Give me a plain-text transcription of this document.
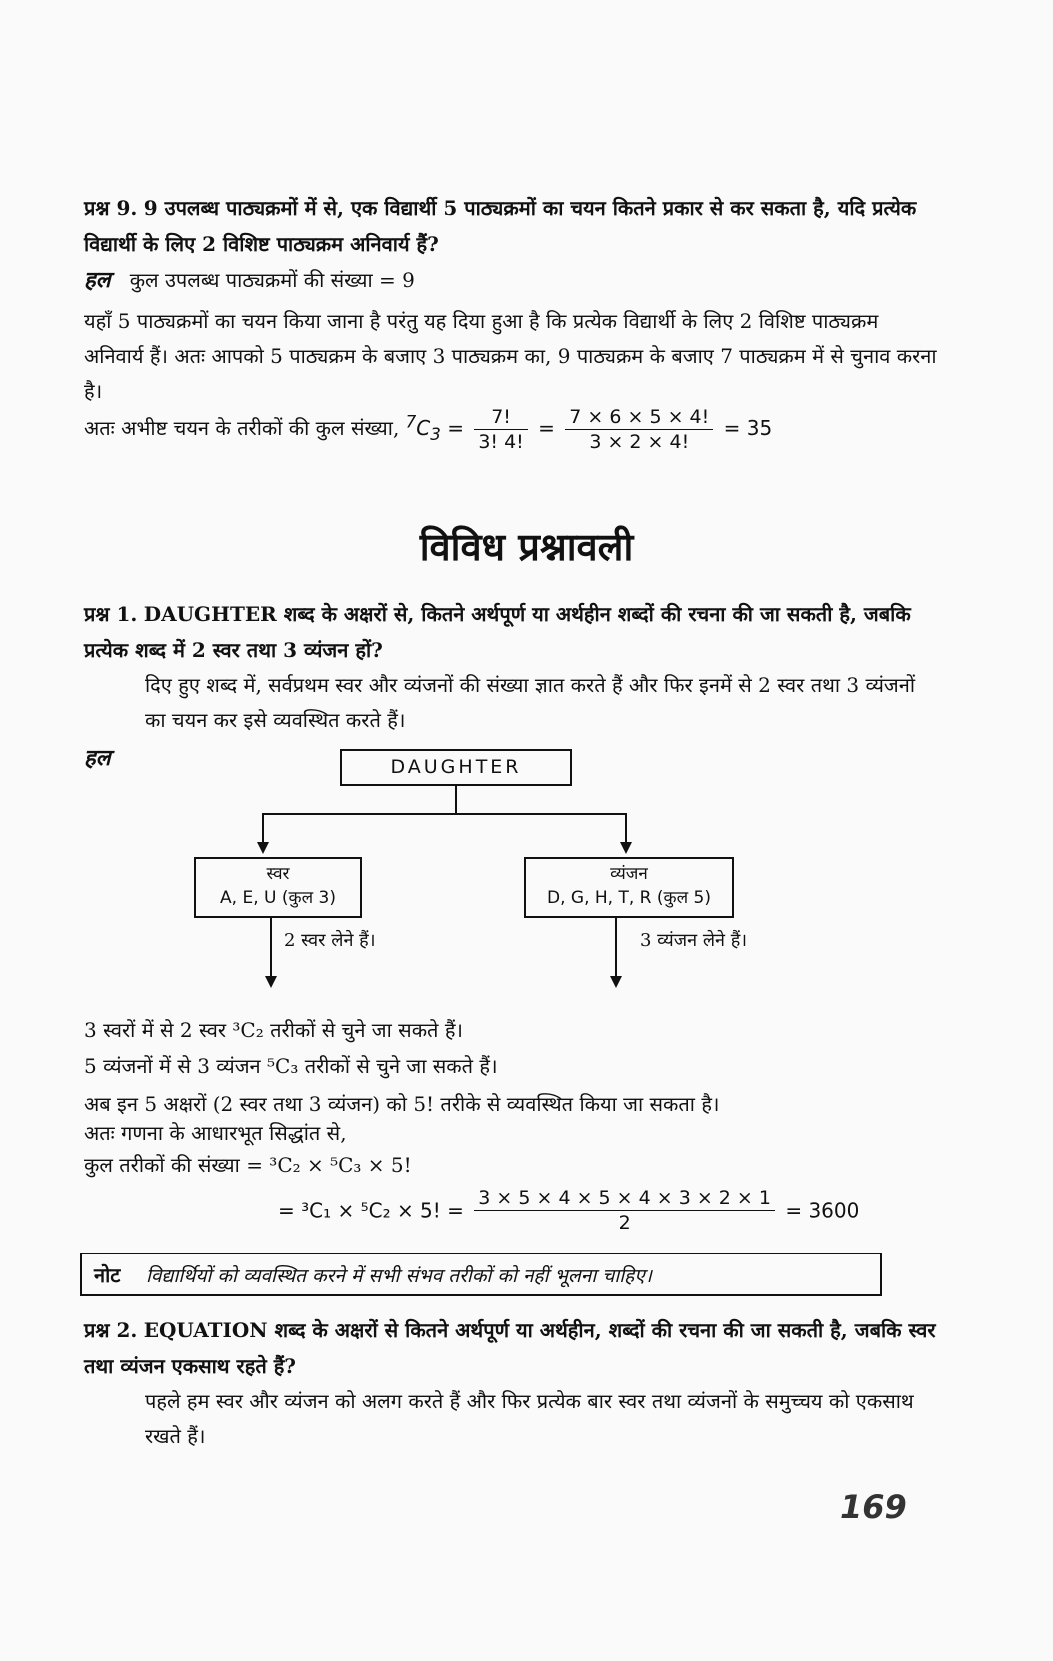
प्रश्न 9. 9 उपलब्ध पाठ्यक्रमों में से, एक विद्यार्थी 5 पाठ्यक्रमों का चयन कितने प्रकार से कर सकता है, यदि प्रत्येक विद्यार्थी के लिए 2 विशिष्ट पाठ्यक्रम अनिवार्य हैं?
हल कुल उपलब्ध पाठ्यक्रमों की संख्या = 9
यहाँ 5 पाठ्यक्रमों का चयन किया जाना है परंतु यह दिया हुआ है कि प्रत्येक विद्यार्थी के लिए 2 विशिष्ट पाठ्यक्रम अनिवार्य हैं। अतः आपको 5 पाठ्यक्रम के बजाए 3 पाठ्यक्रम का, 9 पाठ्यक्रम के बजाए 7 पाठ्यक्रम में से चुनाव करना है।
अतः अभीष्ट चयन के तरीकों की कुल संख्या, $^7C_3 = \frac{7!}{3! 4!} = \frac{7 \times 6 \times 5 \times 4!}{3 \times 2 \times 4!} = 35$
विविध प्रश्नावली
प्रश्न 1. DAUGHTER शब्द के अक्षरों से, कितने अर्थपूर्ण या अर्थहीन शब्दों की रचना की जा सकती है, जबकि प्रत्येक शब्द में 2 स्वर तथा 3 व्यंजन हों?
दिए हुए शब्द में, सर्वप्रथम स्वर और व्यंजनों की संख्या ज्ञात करते हैं और फिर इनमें से 2 स्वर तथा 3 व्यंजनों का चयन कर इसे व्यवस्थित करते हैं।
हल	DAUGHTER
स्वर
A, E, U (कुल 3)
व्यंजन
D, G, H, T, R (कुल 5)
2 स्वर लेने हैं।	3 व्यंजन लेने हैं।
3 स्वरों में से 2 स्वर ³C₂ तरीकों से चुने जा सकते हैं।
5 व्यंजनों में से 3 व्यंजन ⁵C₃ तरीकों से चुने जा सकते हैं।
अब इन 5 अक्षरों (2 स्वर तथा 3 व्यंजन) को 5! तरीके से व्यवस्थित किया जा सकता है।
अतः गणना के आधारभूत सिद्धांत से,
कुल तरीकों की संख्या = ³C₂ × ⁵C₃ × 5!
= ³C₁ × ⁵C₂ × 5! = $\frac{3 \times 5 \times 4 \times 5 \times 4 \times 3 \times 2 \times 1}{2} = 3600$
नोट विद्यार्थियों को व्यवस्थित करने में सभी संभव तरीकों को नहीं भूलना चाहिए।
प्रश्न 2. EQUATION शब्द के अक्षरों से कितने अर्थपूर्ण या अर्थहीन, शब्दों की रचना की जा सकती है, जबकि स्वर तथा व्यंजन एकसाथ रहते हैं?
पहले हम स्वर और व्यंजन को अलग करते हैं और फिर प्रत्येक बार स्वर तथा व्यंजनों के समुच्चय को एकसाथ रखते हैं।
169
